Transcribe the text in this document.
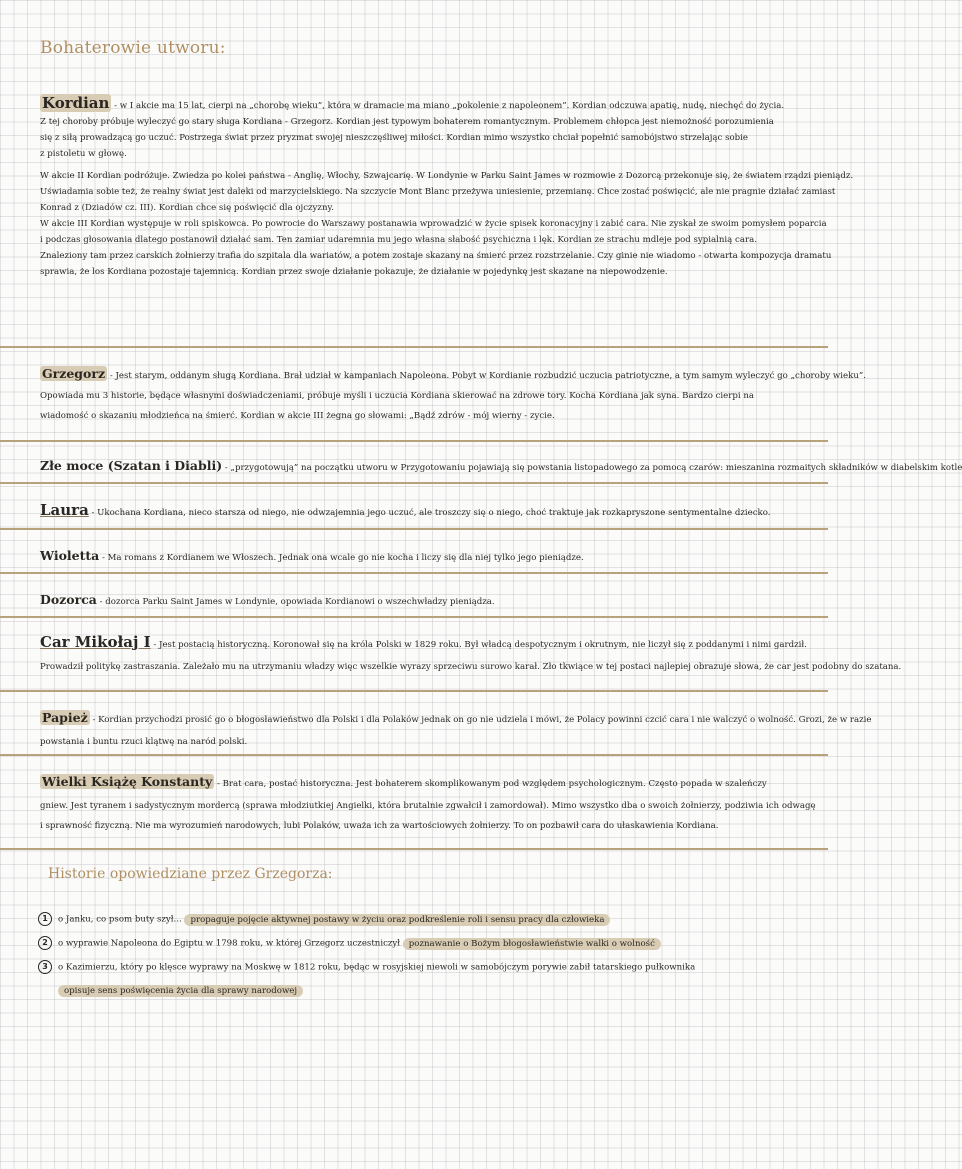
Bohaterowie utworu:
Kordian - w I akcie ma 15 lat, cierpi na „chorobę wieku”, która w dramacie ma miano „pokolenie z napoleonem”. Kordian odczuwa apatię, nudę, niechęć do życia.
Z tej choroby próbuje wyleczyć go stary sługa Kordiana - Grzegorz. Kordian jest typowym bohaterem romantycznym. Problemem chłopca jest niemożność porozumienia
się z siłą prowadzącą go uczuć. Postrzega świat przez pryzmat swojej nieszczęśliwej miłości. Kordian mimo wszystko chciał popełnić samobójstwo strzelając sobie
z pistoletu w głowę.
W akcie II Kordian podróżuje. Zwiedza po kolei państwa - Anglię, Włochy, Szwajcarię. W Londynie w Parku Saint James w rozmowie z Dozorcą przekonuje się, że światem rządzi pieniądz.
Uświadamia sobie też, że realny świat jest daleki od marzycielskiego. Na szczycie Mont Blanc przeżywa uniesienie, przemianę. Chce zostać poświęcić, ale nie pragnie działać zamiast
Konrad z (Dziadów cz. III). Kordian chce się poświęcić dla ojczyzny.
W akcie III Kordian występuje w roli spiskowca. Po powrocie do Warszawy postanawia wprowadzić w życie spisek koronacyjny i zabić cara. Nie zyskał ze swoim pomysłem poparcia
i podczas głosowania dlatego postanowił działać sam. Ten zamiar udaremnia mu jego własna słabość psychiczna i lęk. Kordian ze strachu mdleje pod sypialnią cara.
Znaleziony tam przez carskich żołnierzy trafia do szpitala dla wariatów, a potem zostaje skazany na śmierć przez rozstrzelanie. Czy ginie nie wiadomo - otwarta kompozycja dramatu
sprawia, że los Kordiana pozostaje tajemnicą. Kordian przez swoje działanie pokazuje, że działanie w pojedynkę jest skazane na niepowodzenie.
Grzegorz - Jest starym, oddanym sługą Kordiana. Brał udział w kampaniach Napoleona. Pobyt w Kordianie rozbudzić uczucia patriotyczne, a tym samym wyleczyć go „choroby wieku”.
Opowiada mu 3 historie, będące własnymi doświadczeniami, próbuje myśli i uczucia Kordiana skierować na zdrowe tory. Kocha Kordiana jak syna. Bardzo cierpi na
wiadomość o skazaniu młodzieńca na śmierć. Kordian w akcie III żegna go słowami: „Bądź zdrów - mój wierny - zycie.
Złe moce (Szatan i Diabli) - „przygotowują” na początku utworu w Przygotowaniu pojawiają się powstania listopadowego za pomocą czarów: mieszanina rozmaitych składników w diabelskim kotle
Laura - Ukochana Kordiana, nieco starsza od niego, nie odwzajemnia jego uczuć, ale troszczy się o niego, choć traktuje jak rozkapryszone sentymentalne dziecko.
Wioletta - Ma romans z Kordianem we Włoszech. Jednak ona wcale go nie kocha i liczy się dla niej tylko jego pieniądze.
Dozorca - dozorca Parku Saint James w Londynie, opowiada Kordianowi o wszechwładzy pieniądza.
Car Mikołaj I - Jest postacią historyczną. Koronował się na króla Polski w 1829 roku. Był władcą despotycznym i okrutnym, nie liczył się z poddanymi i nimi gardził.
Prowadził politykę zastraszania. Zależało mu na utrzymaniu władzy więc wszelkie wyrazy sprzeciwu surowo karał. Zło tkwiące w tej postaci najlepiej obrazuje słowa, że car jest podobny do szatana.
Papież - Kordian przychodzi prosić go o błogosławieństwo dla Polski i dla Polaków jednak on go nie udziela i mówi, że Polacy powinni czcić cara i nie walczyć o wolność. Grozi, że w razie
powstania i buntu rzuci klątwę na naród polski.
Wielki Książę Konstanty - Brat cara, postać historyczna. Jest bohaterem skomplikowanym pod względem psychologicznym. Często popada w szaleńczy
gniew. Jest tyranem i sadystycznym mordercą (sprawa młodziutkiej Angielki, która brutalnie zgwałcił i zamordował). Mimo wszystko dba o swoich żołnierzy, podziwia ich odwagę
i sprawność fizyczną. Nie ma wyrozumień narodowych, lubi Polaków, uważa ich za wartościowych żołnierzy. To on pozbawił cara do ułaskawienia Kordiana.
Historie opowiedziane przez Grzegorza:
1 o Janku, co psom buty szył... propaguje pojęcie aktywnej postawy w życiu oraz podkreślenie roli i sensu pracy dla człowieka
2 o wyprawie Napoleona do Egiptu w 1798 roku, w której Grzegorz uczestniczył poznawanie o Bożym błogosławieństwie walki o wolność
3 o Kazimierzu, który po klęsce wyprawy na Moskwę w 1812 roku, będąc w rosyjskiej niewoli w samobójczym porywie zabił tatarskiego pułkownika
opisuje sens poświęcenia życia dla sprawy narodowej
